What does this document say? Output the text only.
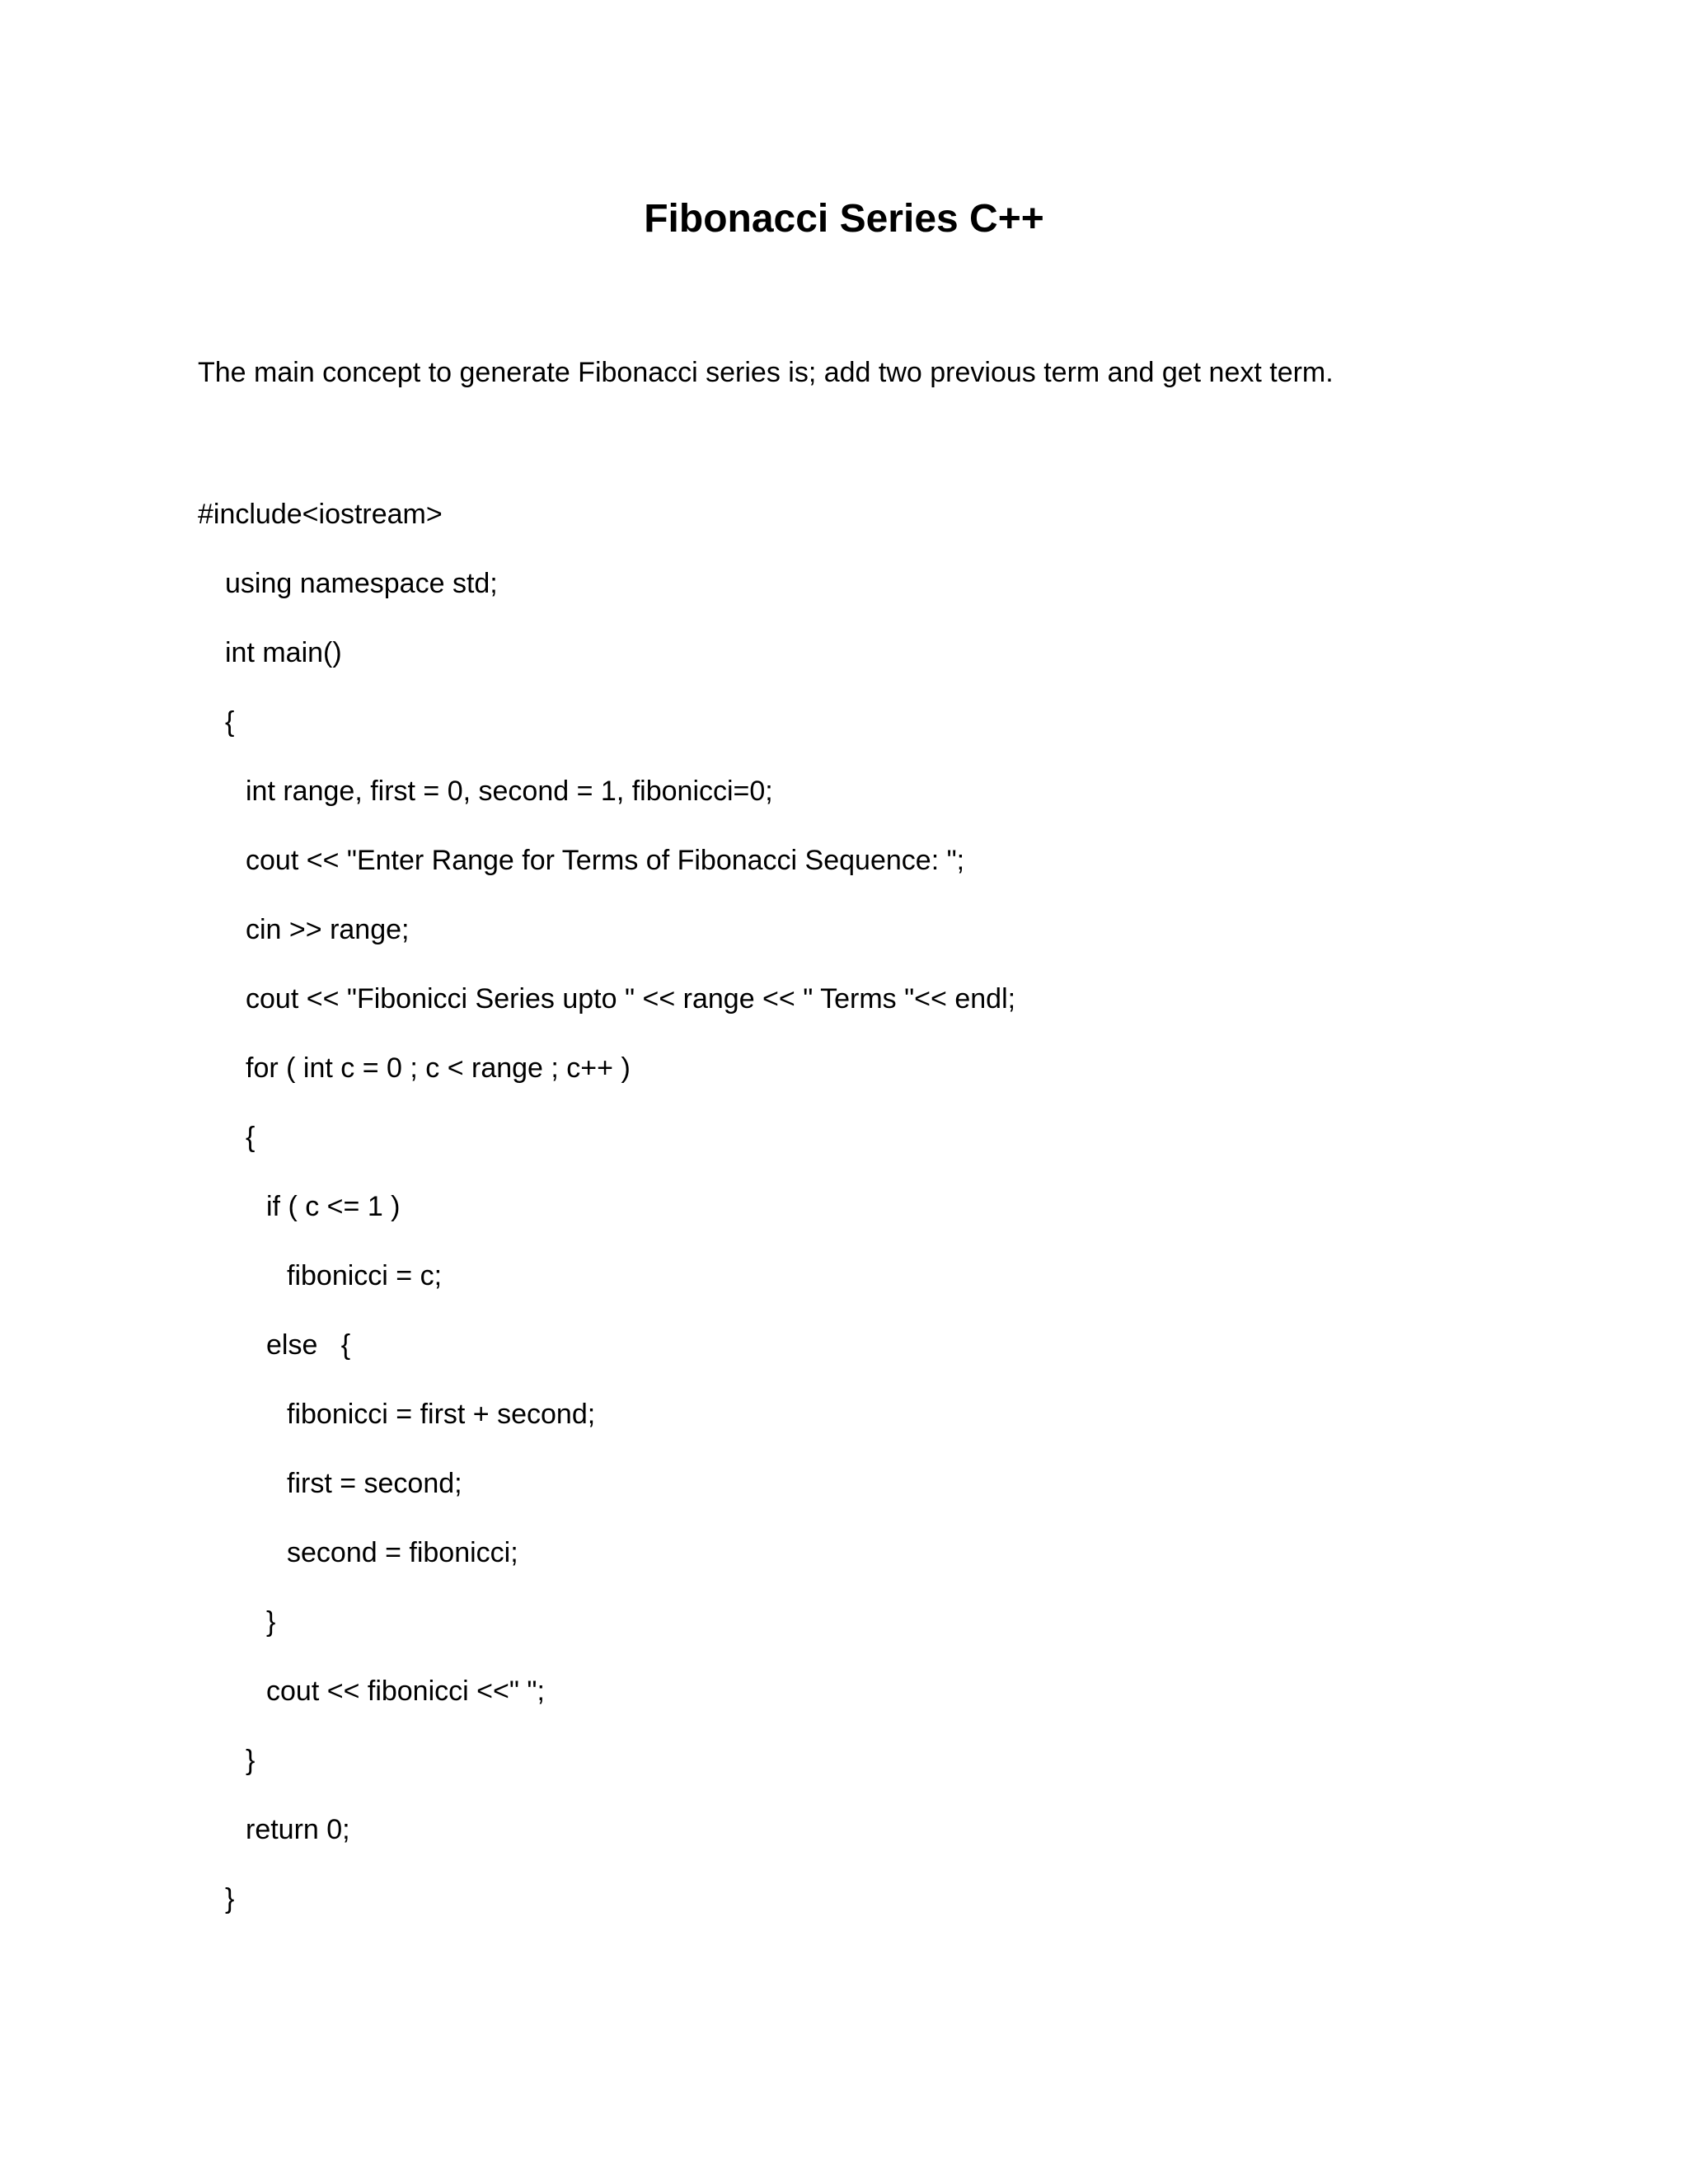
Fibonacci Series C++

The main concept to generate Fibonacci series is; add two previous term and get next term.

#include<iostream>
using namespace std;
int main()
{
int range, first = 0, second = 1, fibonicci=0;
cout << "Enter Range for Terms of Fibonacci Sequence: ";
cin >> range;
cout << "Fibonicci Series upto " << range << " Terms "<< endl;
for ( int c = 0 ; c < range ; c++ )
{
if ( c <= 1 )
fibonicci = c;
else   {
fibonicci = first + second;
first = second;
second = fibonicci;
}
cout << fibonicci <<" ";
}
return 0;
}
